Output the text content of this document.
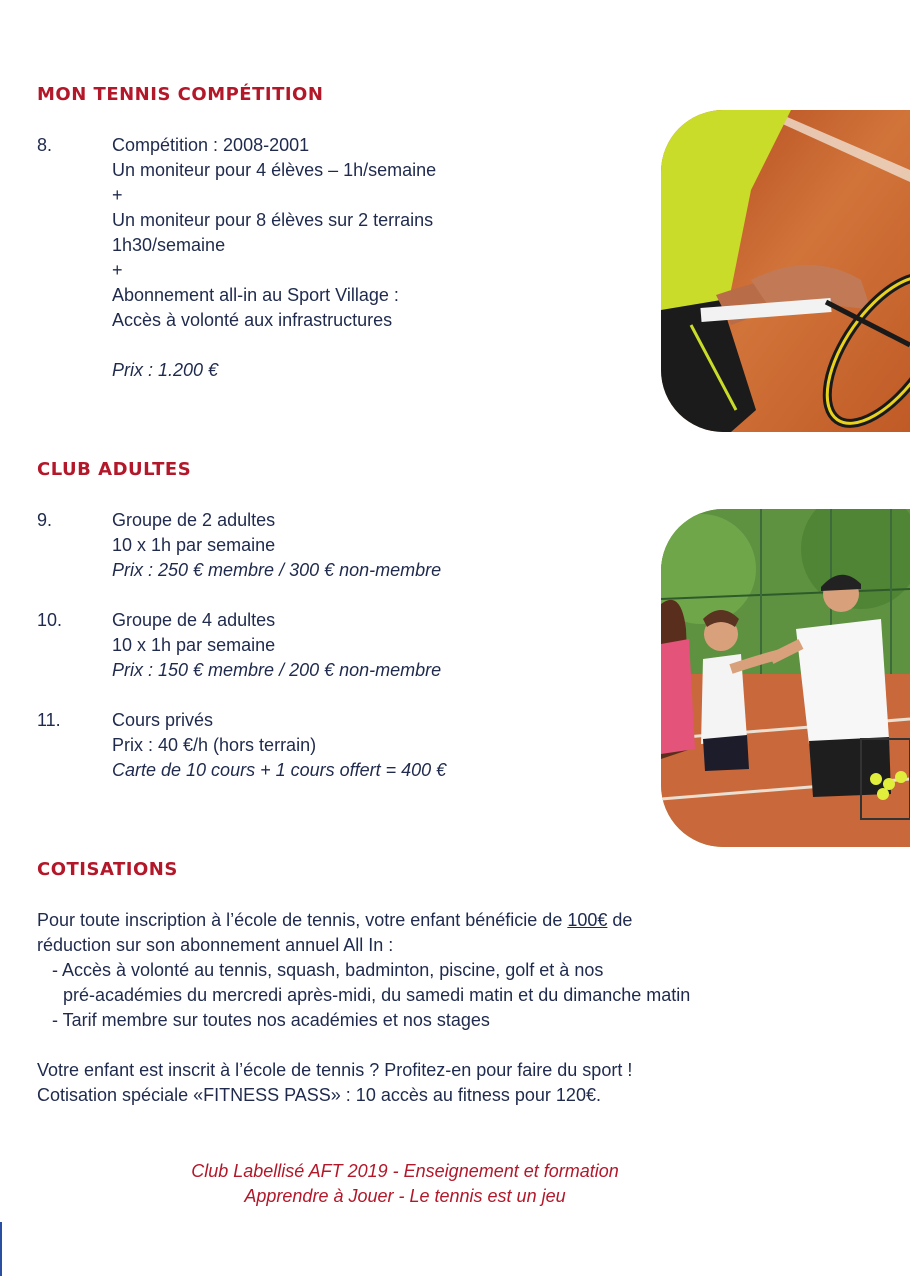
MON TENNIS COMPÉTITION
8.	Compétition : 2008-2001
Un moniteur pour 4 élèves – 1h/semaine
+
Un moniteur pour 8 élèves sur 2 terrains
1h30/semaine
+
Abonnement all-in au Sport Village :
Accès à volonté aux infrastructures
Prix : 1.200 €
CLUB ADULTES
9.	Groupe de 2 adultes
10 x 1h par semaine
Prix : 250 € membre / 300 € non-membre
10.	Groupe de 4 adultes
10 x 1h par semaine
Prix : 150 € membre / 200 € non-membre
11.	Cours privés
Prix : 40 €/h (hors terrain)
Carte de 10 cours + 1 cours offert = 400 €
COTISATIONS
Pour toute inscription à l’école de tennis, votre enfant bénéficie de 100€ de
réduction sur son abonnement annuel All In :
- Accès à volonté au tennis, squash, badminton, piscine, golf et à nos
pré-académies du mercredi après-midi, du samedi matin et du dimanche matin
- Tarif membre sur toutes nos académies et nos stages
Votre enfant est inscrit à l’école de tennis ? Profitez-en pour faire du sport !
Cotisation spéciale «FITNESS PASS» : 10 accès au fitness pour 120€.
Club Labellisé AFT 2019 - Enseignement et formation
Apprendre à Jouer - Le tennis est un jeu
